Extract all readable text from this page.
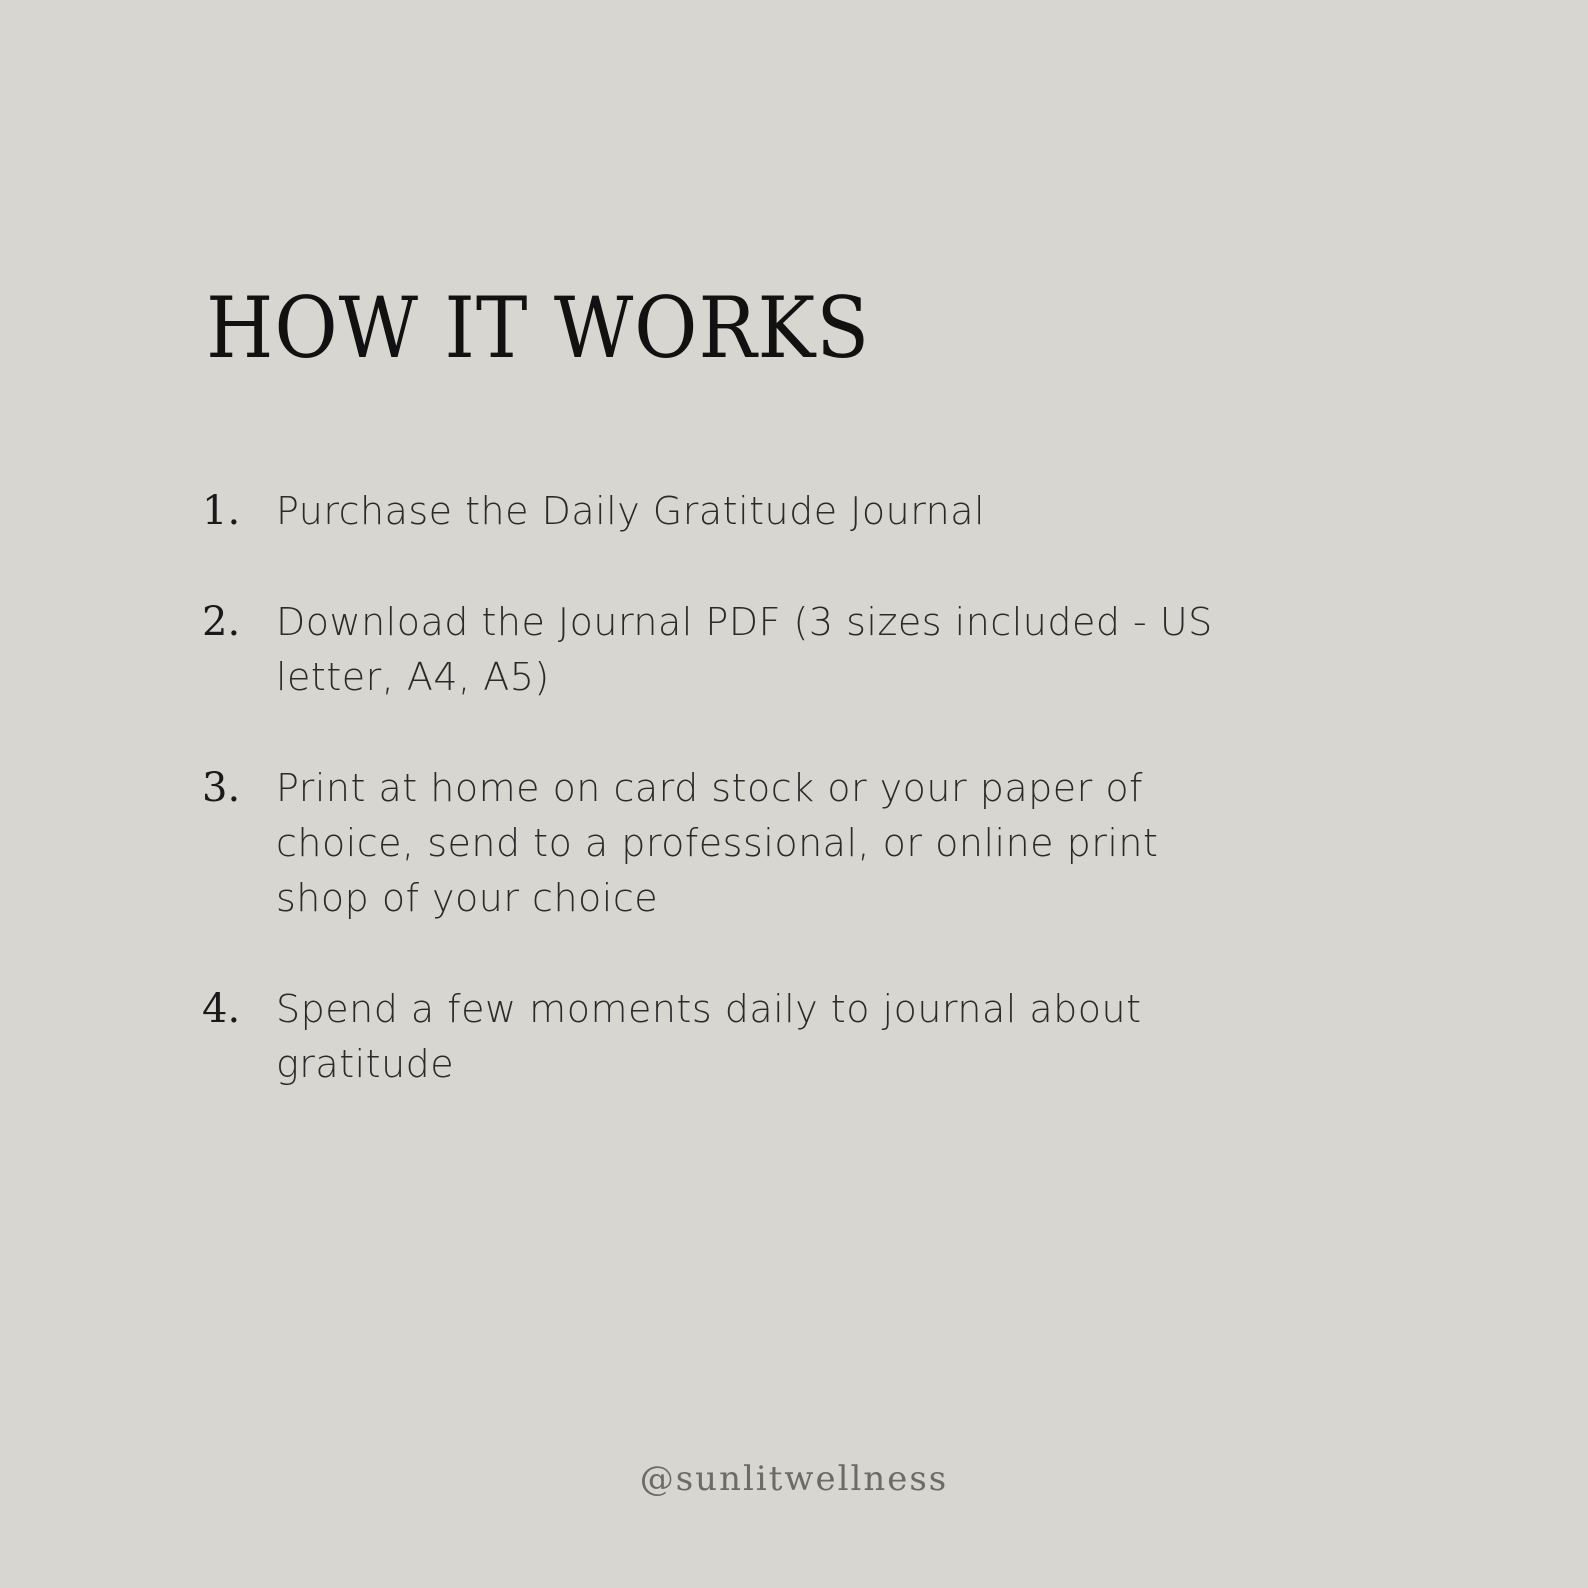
HOW IT WORKS
1. Purchase the Daily Gratitude Journal
2. Download the Journal PDF (3 sizes included - US letter, A4, A5)
3. Print at home on card stock or your paper of choice, send to a professional, or online print shop of your choice
4. Spend a few moments daily to journal about gratitude
@sunlitwellness
